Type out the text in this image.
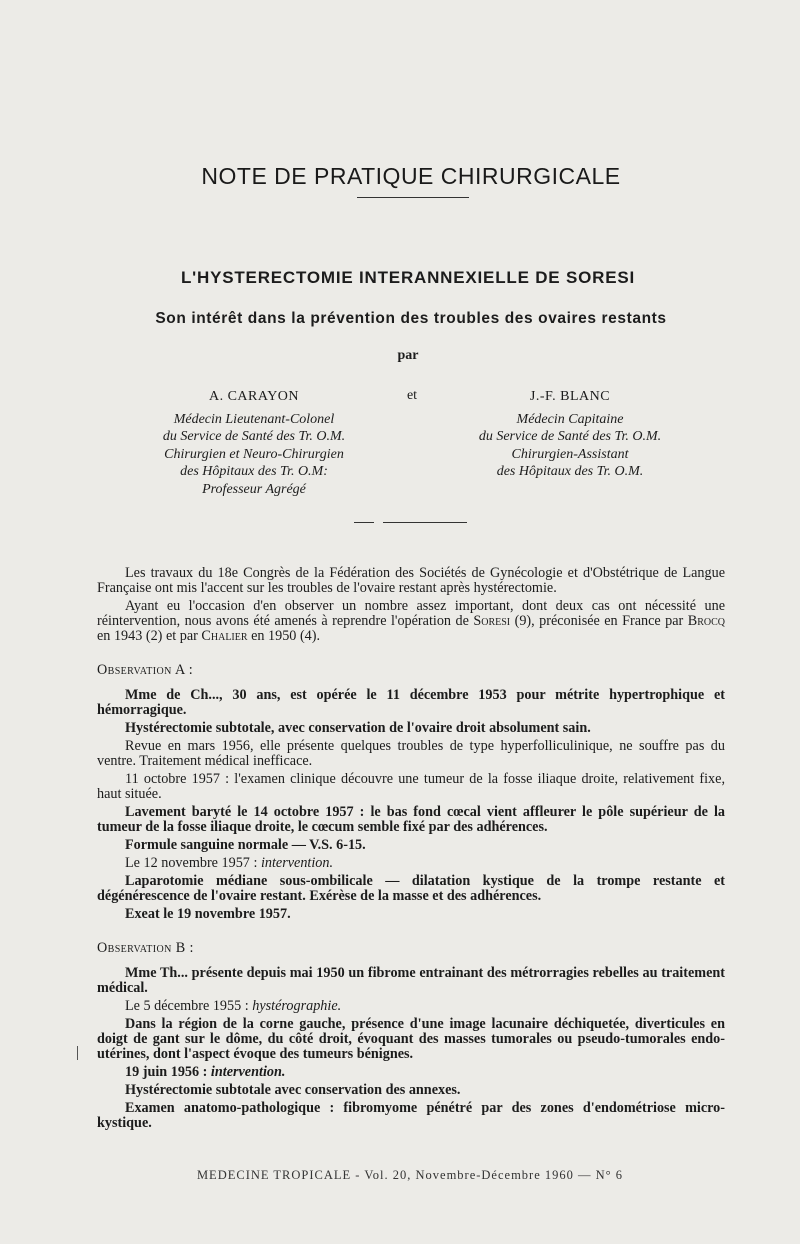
NOTE DE PRATIQUE CHIRURGICALE
L'HYSTERECTOMIE INTERANNEXIELLE DE SORESI
Son intérêt dans la prévention des troubles des ovaires restants
par
A. CARAYON
Médecin Lieutenant-Colonel
du Service de Santé des Tr. O.M.
Chirurgien et Neuro-Chirurgien
des Hôpitaux des Tr. O.M:
Professeur Agrégé
et	J.-F. BLANC
Médecin Capitaine
du Service de Santé des Tr. O.M.
Chirurgien-Assistant
des Hôpitaux des Tr. O.M.

Les travaux du 18e Congrès de la Fédération des Sociétés de Gynécologie et d'Obstétrique de Langue Française ont mis l'accent sur les troubles de l'ovaire restant après hystérectomie.

Ayant eu l'occasion d'en observer un nombre assez important, dont deux cas ont nécessité une réintervention, nous avons été amenés à reprendre l'opération de Soresi (9), préconisée en France par Brocq en 1943 (2) et par Chalier en 1950 (4).

Observation A :

Mme de Ch..., 30 ans, est opérée le 11 décembre 1953 pour métrite hypertrophique et hémorragique.

Hystérectomie subtotale, avec conservation de l'ovaire droit absolument sain.

Revue en mars 1956, elle présente quelques troubles de type hyperfolliculinique, ne souffre pas du ventre. Traitement médical inefficace.

11 octobre 1957 : l'examen clinique découvre une tumeur de la fosse iliaque droite, relativement fixe, haut située.

Lavement baryté le 14 octobre 1957 : le bas fond cœcal vient affleurer le pôle supérieur de la tumeur de la fosse iliaque droite, le cœcum semble fixé par des adhérences.

Formule sanguine normale — V.S. 6-15.

Le 12 novembre 1957 : intervention.

Laparotomie médiane sous-ombilicale — dilatation kystique de la trompe restante et dégénérescence de l'ovaire restant. Exérèse de la masse et des adhérences.

Exeat le 19 novembre 1957.

Observation B :

Mme Th... présente depuis mai 1950 un fibrome entrainant des métrorragies rebelles au traitement médical.

Le 5 décembre 1955 : hystérographie.

Dans la région de la corne gauche, présence d'une image lacunaire déchiquetée, diverticules en doigt de gant sur le dôme, du côté droit, évoquant des masses tumorales ou pseudo-tumorales endo-utérines, dont l'aspect évoque des tumeurs bénignes.

19 juin 1956 : intervention.

Hystérectomie subtotale avec conservation des annexes.

Examen anatomo-pathologique : fibromyome pénétré par des zones d'endométriose micro-kystique.

MEDECINE TROPICALE - Vol. 20, Novembre-Décembre 1960 — N° 6
